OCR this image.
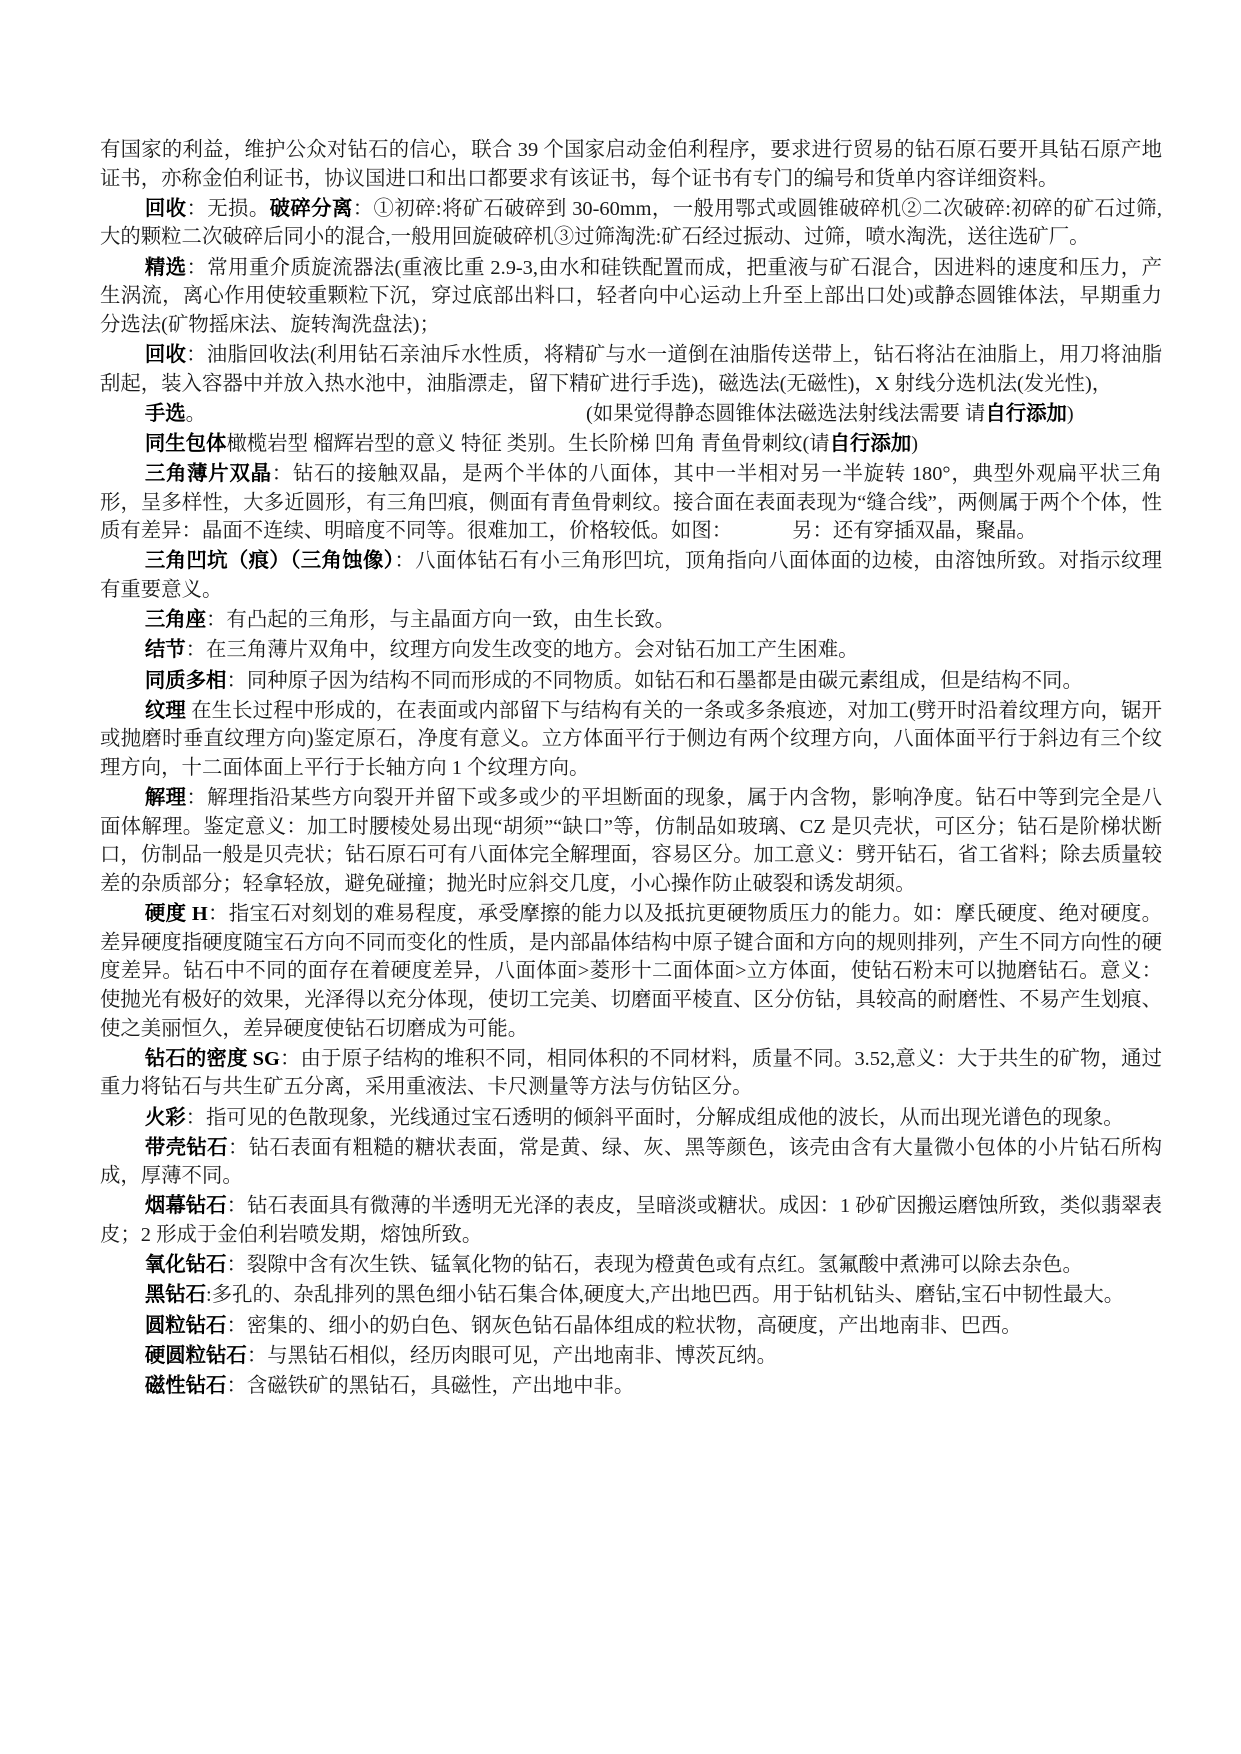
有国家的利益，维护公众对钻石的信心，联合 39 个国家启动金伯利程序，要求进行贸易的钻石原石要开具钻石原产地证书，亦称金伯利证书，协议国进口和出口都要求有该证书，每个证书有专门的编号和货单内容详细资料。

回收：无损。破碎分离：①初碎:将矿石破碎到 30-60mm，一般用鄂式或圆锥破碎机②二次破碎:初碎的矿石过筛,大的颗粒二次破碎后同小的混合,一般用回旋破碎机③过筛淘洗:矿石经过振动、过筛，喷水淘洗，送往选矿厂。

精选：常用重介质旋流器法(重液比重 2.9-3,由水和硅铁配置而成，把重液与矿石混合，因进料的速度和压力，产生涡流，离心作用使较重颗粒下沉，穿过底部出料口，轻者向中心运动上升至上部出口处)或静态圆锥体法，早期重力分选法(矿物摇床法、旋转淘洗盘法)；

回收：油脂回收法(利用钻石亲油斥水性质，将精矿与水一道倒在油脂传送带上，钻石将沾在油脂上，用刀将油脂刮起，装入容器中并放入热水池中，油脂漂走，留下精矿进行手选)，磁选法(无磁性)，X 射线分选机法(发光性)，

手选。	(如果觉得静态圆锥体法磁选法射线法需要 请自行添加)

同生包体橄榄岩型 榴辉岩型的意义 特征 类别。生长阶梯 凹角 青鱼骨刺纹(请自行添加)

三角薄片双晶：钻石的接触双晶，是两个半体的八面体，其中一半相对另一半旋转 180°，典型外观扁平状三角形，呈多样性，大多近圆形，有三角凹痕，侧面有青鱼骨刺纹。接合面在表面表现为“缝合线”，两侧属于两个个体，性质有差异：晶面不连续、明暗度不同等。很难加工，价格较低。如图：	另：还有穿插双晶，聚晶。

三角凹坑（痕）（三角蚀像）：八面体钻石有小三角形凹坑，顶角指向八面体面的边棱，由溶蚀所致。对指示纹理有重要意义。

三角座：有凸起的三角形，与主晶面方向一致，由生长致。

结节：在三角薄片双角中，纹理方向发生改变的地方。会对钻石加工产生困难。

同质多相：同种原子因为结构不同而形成的不同物质。如钻石和石墨都是由碳元素组成，但是结构不同。

纹理 在生长过程中形成的，在表面或内部留下与结构有关的一条或多条痕迹，对加工(劈开时沿着纹理方向，锯开或抛磨时垂直纹理方向)鉴定原石，净度有意义。立方体面平行于侧边有两个纹理方向，八面体面平行于斜边有三个纹理方向，十二面体面上平行于长轴方向 1 个纹理方向。

解理：解理指沿某些方向裂开并留下或多或少的平坦断面的现象，属于内含物，影响净度。钻石中等到完全是八面体解理。鉴定意义：加工时腰棱处易出现“胡须”“缺口”等，仿制品如玻璃、CZ 是贝壳状，可区分；钻石是阶梯状断口，仿制品一般是贝壳状；钻石原石可有八面体完全解理面，容易区分。加工意义：劈开钻石，省工省料；除去质量较差的杂质部分；轻拿轻放，避免碰撞；抛光时应斜交几度，小心操作防止破裂和诱发胡须。

硬度 H：指宝石对刻划的难易程度，承受摩擦的能力以及抵抗更硬物质压力的能力。如：摩氏硬度、绝对硬度。差异硬度指硬度随宝石方向不同而变化的性质，是内部晶体结构中原子键合面和方向的规则排列，产生不同方向性的硬度差异。钻石中不同的面存在着硬度差异，八面体面>菱形十二面体面>立方体面，使钻石粉末可以抛磨钻石。意义：使抛光有极好的效果，光泽得以充分体现，使切工完美、切磨面平棱直、区分仿钻，具较高的耐磨性、不易产生划痕、使之美丽恒久，差异硬度使钻石切磨成为可能。

钻石的密度 SG：由于原子结构的堆积不同，相同体积的不同材料，质量不同。3.52,意义：大于共生的矿物，通过重力将钻石与共生矿五分离，采用重液法、卡尺测量等方法与仿钻区分。

火彩：指可见的色散现象，光线通过宝石透明的倾斜平面时，分解成组成他的波长，从而出现光谱色的现象。

带壳钻石：钻石表面有粗糙的糖状表面，常是黄、绿、灰、黑等颜色，该壳由含有大量微小包体的小片钻石所构成，厚薄不同。

烟幕钻石：钻石表面具有微薄的半透明无光泽的表皮，呈暗淡或糖状。成因：1 砂矿因搬运磨蚀所致，类似翡翠表皮；2 形成于金伯利岩喷发期，熔蚀所致。

氧化钻石：裂隙中含有次生铁、锰氧化物的钻石，表现为橙黄色或有点红。氢氟酸中煮沸可以除去杂色。

黑钻石:多孔的、杂乱排列的黑色细小钻石集合体,硬度大,产出地巴西。用于钻机钻头、磨钻,宝石中韧性最大。

圆粒钻石：密集的、细小的奶白色、钢灰色钻石晶体组成的粒状物，高硬度，产出地南非、巴西。

硬圆粒钻石：与黑钻石相似，经历肉眼可见，产出地南非、博茨瓦纳。

磁性钻石：含磁铁矿的黑钻石，具磁性，产出地中非。
